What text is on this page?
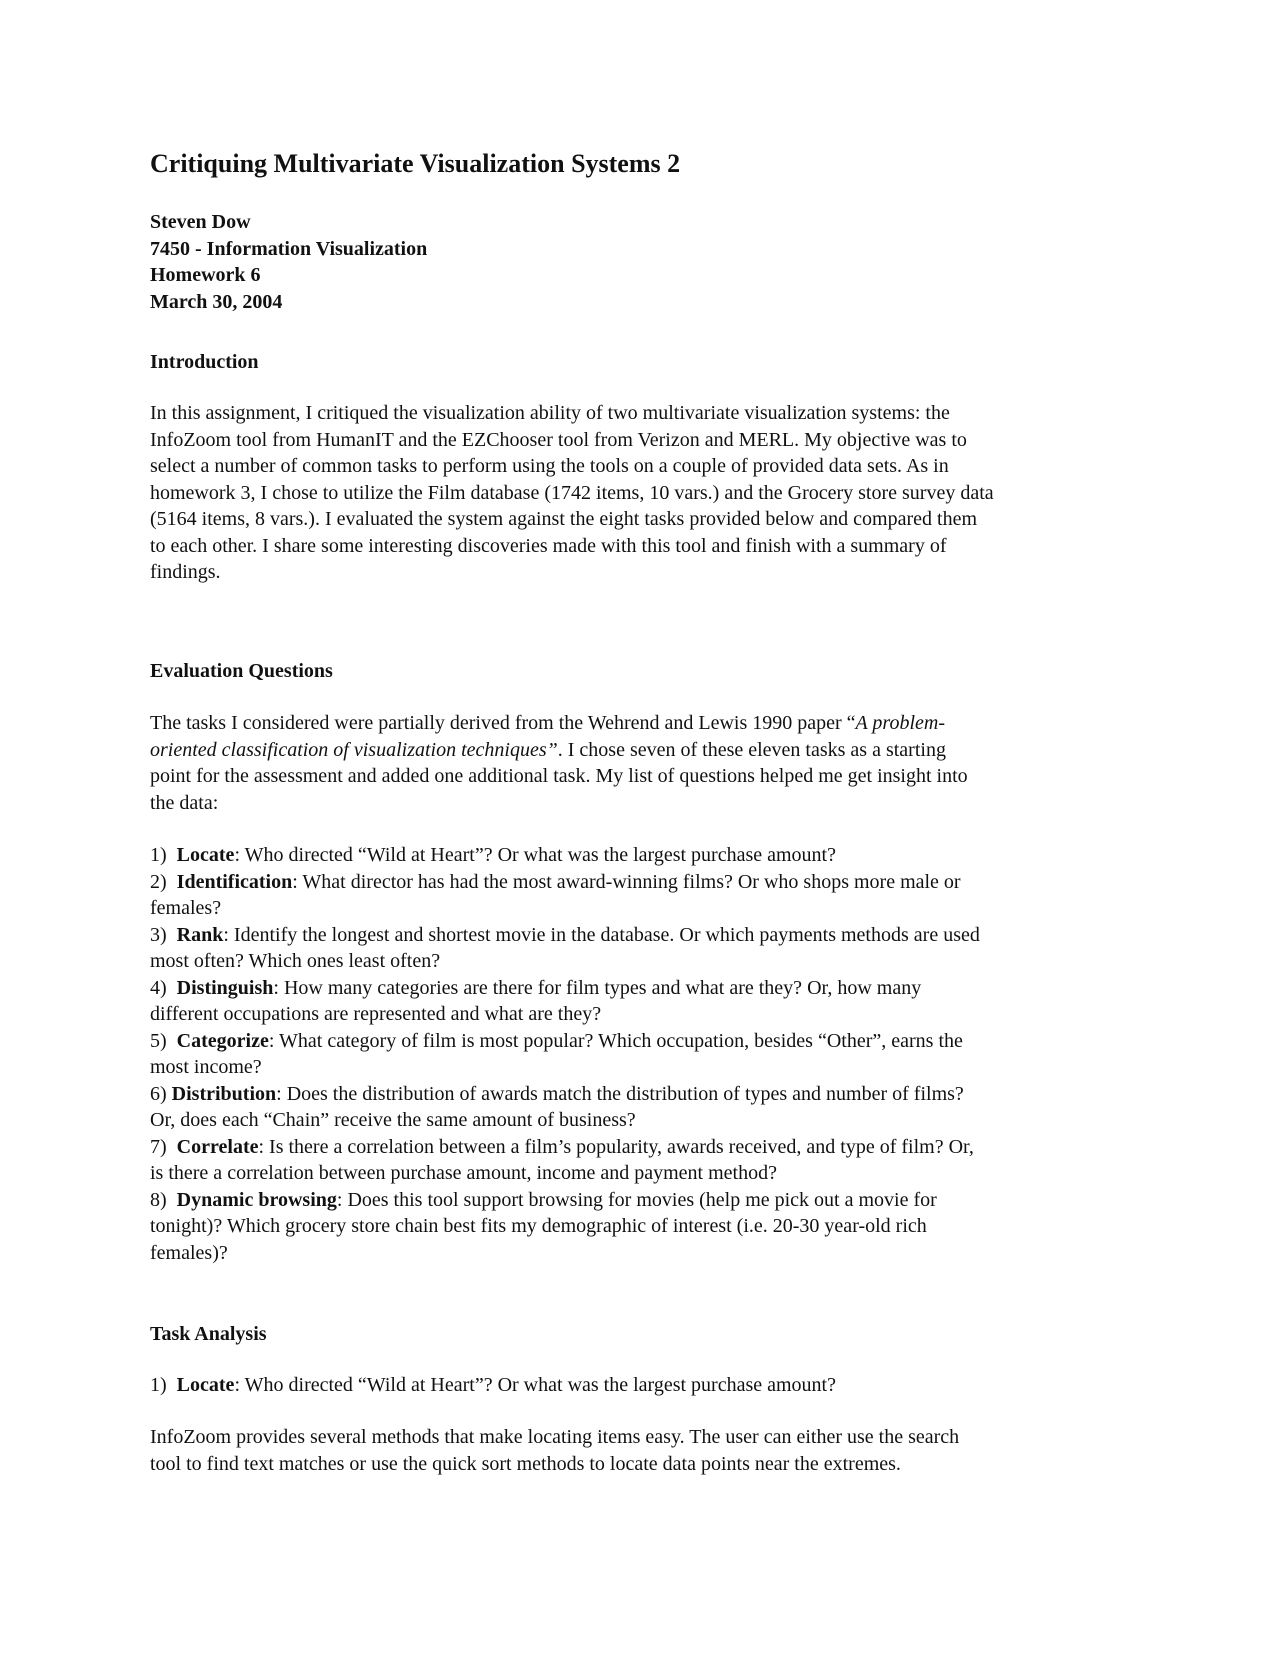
Critiquing Multivariate Visualization Systems 2
Steven Dow
7450 - Information Visualization
Homework 6
March 30, 2004
Introduction
In this assignment, I critiqued the visualization ability of two multivariate visualization systems: the
InfoZoom tool from HumanIT and the EZChooser tool from Verizon and MERL. My objective was to
select a number of common tasks to perform using the tools on a couple of provided data sets. As in
homework 3, I chose to utilize the Film database (1742 items, 10 vars.) and the Grocery store survey data
(5164 items, 8 vars.). I evaluated the system against the eight tasks provided below and compared them
to each other. I share some interesting discoveries made with this tool and finish with a summary of
findings.
Evaluation Questions
The tasks I considered were partially derived from the Wehrend and Lewis 1990 paper “A problem-
oriented classification of visualization techniques”. I chose seven of these eleven tasks as a starting
point for the assessment and added one additional task. My list of questions helped me get insight into
the data:
1)  Locate: Who directed “Wild at Heart”? Or what was the largest purchase amount?
2)  Identification: What director has had the most award-winning films? Or who shops more male or
females?
3)  Rank: Identify the longest and shortest movie in the database. Or which payments methods are used
most often? Which ones least often?
4)  Distinguish: How many categories are there for film types and what are they? Or, how many
different occupations are represented and what are they?
5)  Categorize: What category of film is most popular? Which occupation, besides “Other”, earns the
most income?
6) Distribution: Does the distribution of awards match the distribution of types and number of films?
Or, does each “Chain” receive the same amount of business?
7)  Correlate: Is there a correlation between a film’s popularity, awards received, and type of film? Or,
is there a correlation between purchase amount, income and payment method?
8)  Dynamic browsing: Does this tool support browsing for movies (help me pick out a movie for
tonight)? Which grocery store chain best fits my demographic of interest (i.e. 20-30 year-old rich
females)?
Task Analysis
1)  Locate: Who directed “Wild at Heart”? Or what was the largest purchase amount?
InfoZoom provides several methods that make locating items easy. The user can either use the search
tool to find text matches or use the quick sort methods to locate data points near the extremes.
